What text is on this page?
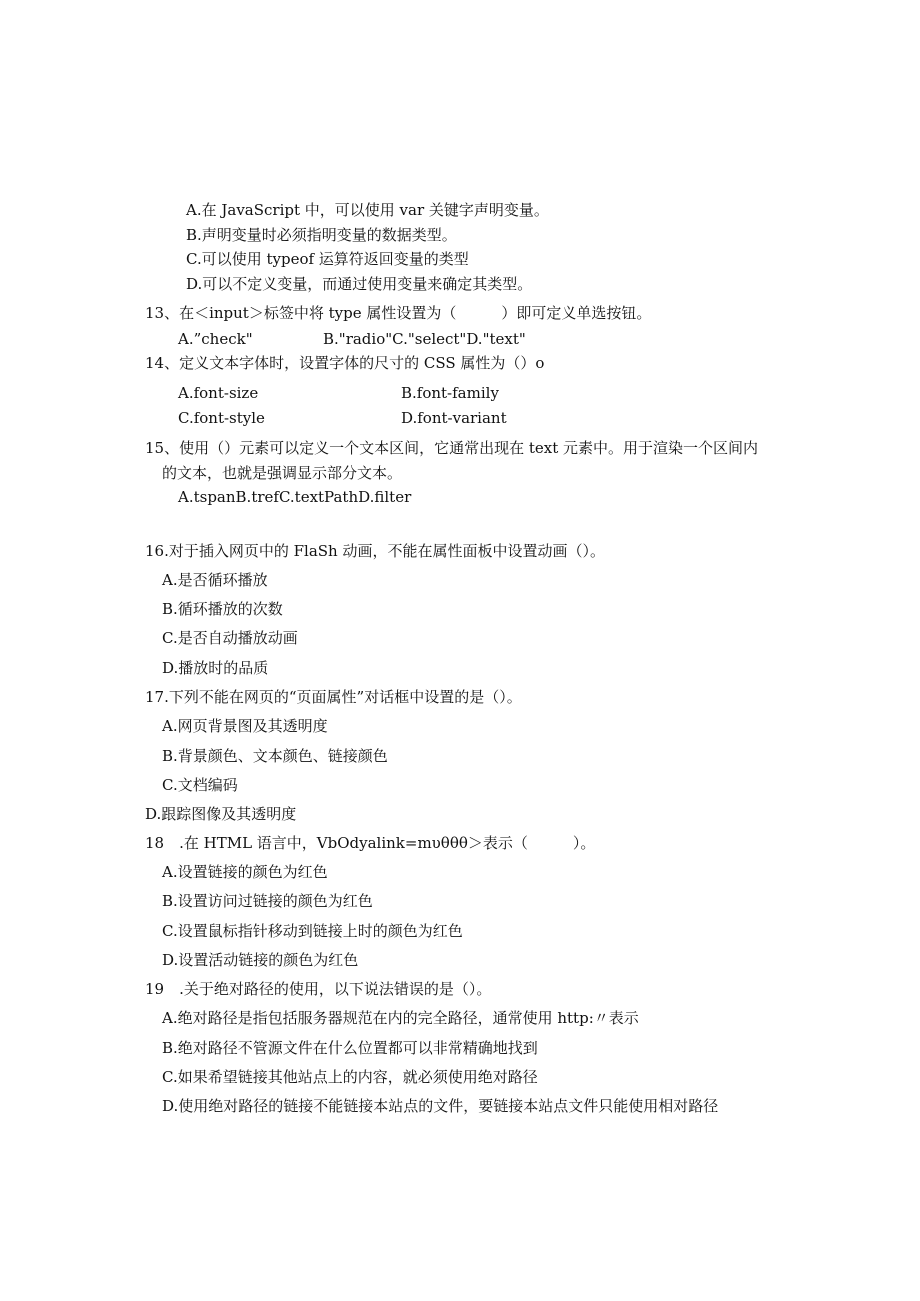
A.在 JavaScript 中，可以使用 var 关键字声明变量。
B.声明变量时必须指明变量的数据类型。
C.可以使用 typeof 运算符返回变量的类型
D.可以不定义变量，而通过使用变量来确定其类型。
13、在＜input＞标签中将 type 属性设置为（　　　）即可定义单选按钮。
A.”check"	B."radio"C."select"D."text"
14、定义文本字体时，设置字体的尺寸的 CSS 属性为（）o
A.font-size	B.font-family
C.font-style	D.font-variant
15、使用（）元素可以定义一个文本区间，它通常出现在 text 元素中。用于渲染一个区间内
的文本，也就是强调显示部分文本。
A.tspanB.trefC.textPathD.filter
16.对于插入网页中的 FlaSh 动画，不能在属性面板中设置动画（）。
A.是否循环播放
B.循环播放的次数
C.是否自动播放动画
D.播放时的品质
17.下列不能在网页的“页面属性”对话框中设置的是（）。
A.网页背景图及其透明度
B.背景颜色、文本颜色、链接颜色
C.文档编码
D.跟踪图像及其透明度
18　.在 HTML 语言中，VbOdyalink=mυθθθ＞表示（　　　）。
A.设置链接的颜色为红色
B.设置访问过链接的颜色为红色
C.设置鼠标指针移动到链接上时的颜色为红色
D.设置活动链接的颜色为红色
19　.关于绝对路径的使用，以下说法错误的是（）。
A.绝对路径是指包括服务器规范在内的完全路径，通常使用 http:〃表示
B.绝对路径不管源文件在什么位置都可以非常精确地找到
C.如果希望链接其他站点上的内容，就必须使用绝对路径
D.使用绝对路径的链接不能链接本站点的文件，要链接本站点文件只能使用相对路径
